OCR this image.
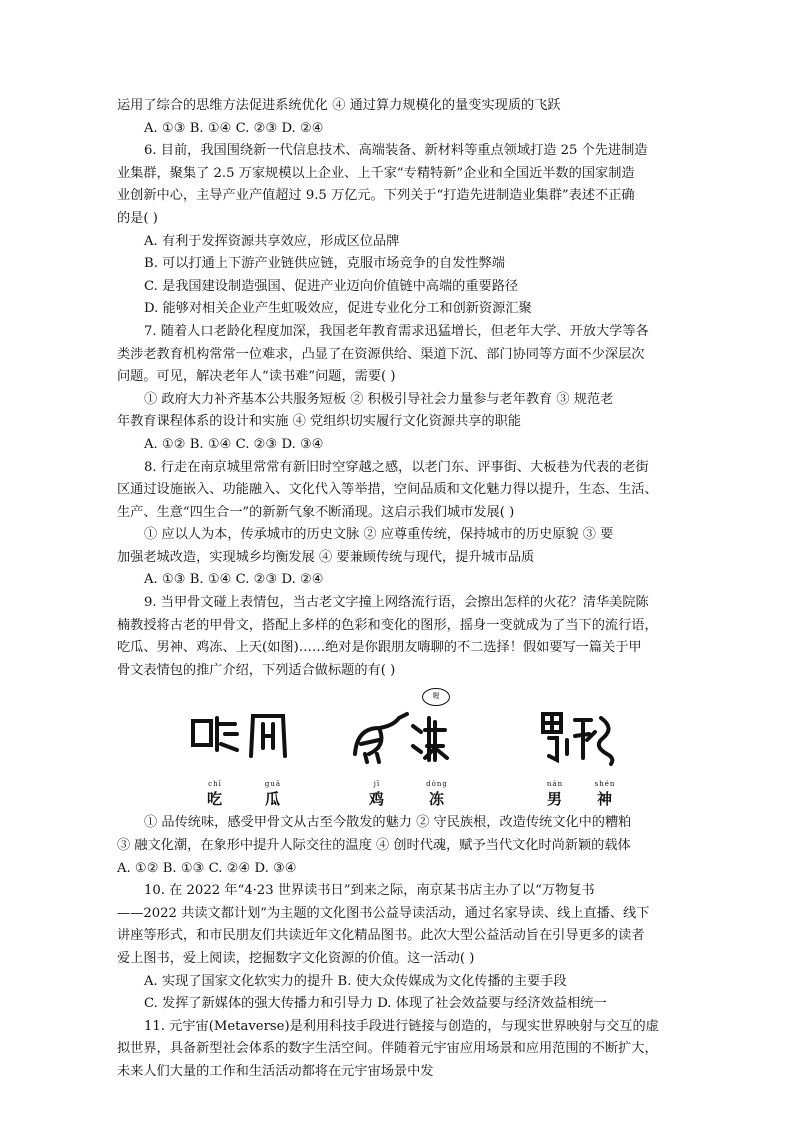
运用了综合的思维方法促进系统优化 ④ 通过算力规模化的量变实现质的飞跃
A. ①③ B. ①④ C. ②③ D. ②④
6. 目前，我国围绕新一代信息技术、高端装备、新材料等重点领域打造 25 个先进制造
业集群，聚集了 2.5 万家规模以上企业、上千家“专精特新”企业和全国近半数的国家制造
业创新中心，主导产业产值超过 9.5 万亿元。下列关于“打造先进制造业集群”表述不正确
的是( )
A. 有利于发挥资源共享效应，形成区位品牌
B. 可以打通上下游产业链供应链，克服市场竞争的自发性弊端
C. 是我国建设制造强国、促进产业迈向价值链中高端的重要路径
D. 能够对相关企业产生虹吸效应，促进专业化分工和创新资源汇聚
7. 随着人口老龄化程度加深，我国老年教育需求迅猛增长，但老年大学、开放大学等各
类涉老教育机构常常一位难求，凸显了在资源供给、渠道下沉、部门协同等方面不少深层次
问题。可见，解决老年人“读书难”问题，需要( )
① 政府大力补齐基本公共服务短板 ② 积极引导社会力量参与老年教育 ③ 规范老
年教育课程体系的设计和实施 ④ 党组织切实履行文化资源共享的职能
A. ①② B. ①④ C. ②③ D. ③④
8. 行走在南京城里常常有新旧时空穿越之感，以老门东、评事街、大板巷为代表的老街
区通过设施嵌入、功能融入、文化代入等举措，空间品质和文化魅力得以提升，生态、生活、
生产、生意“四生合一”的新新气象不断涌现。这启示我们城市发展( )
① 应以人为本，传承城市的历史文脉 ② 应尊重传统，保持城市的历史原貌 ③ 要
加强老城改造，实现城乡均衡发展 ④ 要兼顾传统与现代，提升城市品质
A. ①③ B. ①④ C. ②③ D. ②④
9. 当甲骨文碰上表情包，当古老文字撞上网络流行语，会擦出怎样的火花？清华美院陈
楠教授将古老的甲骨文，搭配上多样的色彩和变化的图形，摇身一变就成为了当下的流行语，
吃瓜、男神、鸡冻、上天(如图)……绝对是你跟朋友嗨聊的不二选择！假如要写一篇关于甲
骨文表情包的推广介绍，下列适合做标题的有( )
喔
chī
吃
guā
瓜
jī
鸡
dòng
冻
nán
男
shén
神
① 品传统味，感受甲骨文从古至今散发的魅力 ② 守民族根，改造传统文化中的糟粕
③ 融文化潮，在象形中提升人际交往的温度 ④ 创时代魂，赋予当代文化时尚新颖的载体
A. ①② B. ①③ C. ②④ D. ③④
10. 在 2022 年“4·23 世界读书日”到来之际，南京某书店主办了以“万物复书
——2022 共读文都计划”为主题的文化图书公益导读活动，通过名家导读、线上直播、线下
讲座等形式，和市民朋友们共读近年文化精品图书。此次大型公益活动旨在引导更多的读者
爱上图书，爱上阅读，挖掘数字文化资源的价值。这一活动( )
A. 实现了国家文化软实力的提升 B. 使大众传媒成为文化传播的主要手段
C. 发挥了新媒体的强大传播力和引导力 D. 体现了社会效益要与经济效益相统一
11. 元宇宙(Metaverse)是利用科技手段进行链接与创造的，与现实世界映射与交互的虚
拟世界，具备新型社会体系的数字生活空间。伴随着元宇宙应用场景和应用范围的不断扩大，
未来人们大量的工作和生活活动都将在元宇宙场景中发
